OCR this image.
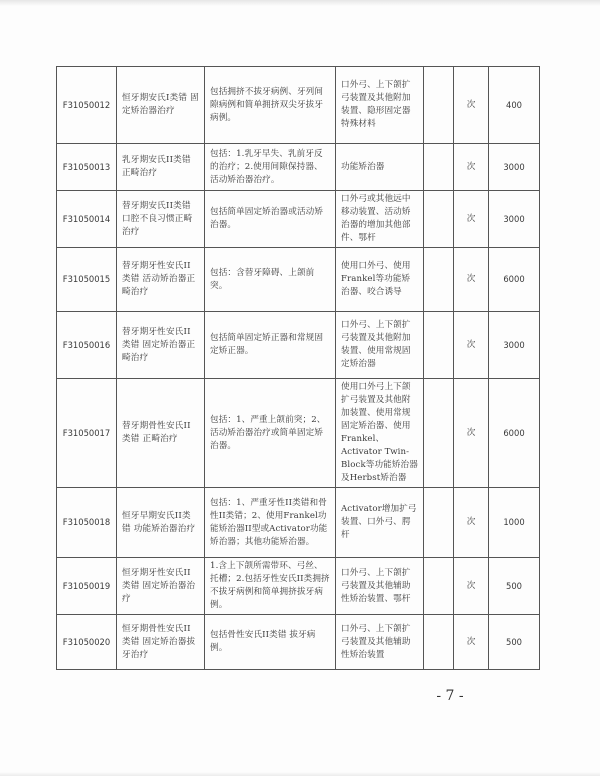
F31050012	恒牙期安氏Ⅰ类错 固定矫治器治疗	包括拥挤不拔牙病例、牙列间隙病例和简单拥挤双尖牙拔牙病例。	口外弓、上下颌扩弓装置及其他附加装置、隐形固定器特殊材料		次	400
F31050013	乳牙期安氏II类错 正畸治疗	包括：1.乳牙早失、乳前牙反的治疗；2.使用间隙保持器、活动矫治器治疗。	功能矫治器		次	3000
F31050014	替牙期安氏II类错 口腔不良习惯正畸治疗	包括简单固定矫治器或活动矫治器。	口外弓或其他远中移动装置、活动矫治器的增加其他部件、鄂杆		次	3000
F31050015	替牙期牙性安氏II类错 活动矫治器正畸治疗	包括：含替牙障碍、上颌前突。	使用口外弓、使用Frankel等功能矫治器、咬合诱导		次	6000
F31050016	替牙期牙性安氏II类错 固定矫治器正畸治疗	包括简单固定矫正器和常规固定矫正器。	口外弓、上下颌扩弓装置及其他附加装置、使用常规固定矫治器		次	3000
F31050017	替牙期骨性安氏II类错 正畸治疗	包括：1、严重上颌前突；2、活动矫治器治疗或简单固定矫治器。	使用口外弓上下颌扩弓装置及其他附加装置、使用常规固定矫治器、使用Frankel、Activator Twin-Block等功能矫治器及Herbst矫治器		次	6000
F31050018	恒牙早期安氏II类错 功能矫治器治疗	包括：1、严重牙性II类错和骨性II类错；2、使用Frankel功能矫治器II型或Activator功能矫治器；其他功能矫治器。	Activator增加扩弓装置、口外弓、腭杆		次	1000
F31050019	恒牙期牙性安氏II类错 固定矫治器治疗	1.含上下颌所需带环、弓丝、托槽；2.包括牙性安氏II类拥挤不拔牙病例和简单拥挤拔牙病例。	口外弓、上下颌扩弓装置及其他辅助性矫治装置、鄂杆		次	500
F31050020	恒牙期骨性安氏II类错 固定矫治器拔牙治疗	包括骨性安氏II类错 拔牙病例。	口外弓、上下颌扩弓装置及其他辅助性矫治装置		次	500
- 7 -
